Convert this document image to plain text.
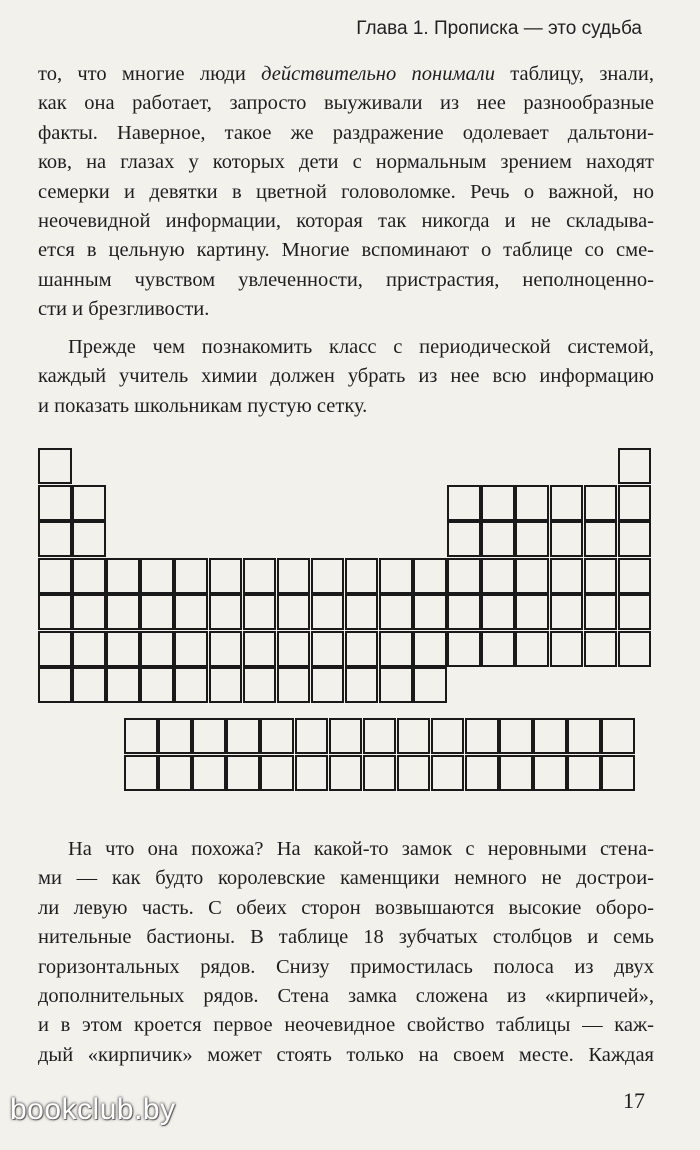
Глава 1. Прописка — это судьба
то, что многие люди действительно понимали таблицу, знали,
как она работает, запросто выуживали из нее разнообразные
факты. Наверное, такое же раздражение одолевает дальтони-
ков, на глазах у которых дети с нормальным зрением находят
семерки и девятки в цветной головоломке. Речь о важной, но
неочевидной информации, которая так никогда и не складыва-
ется в цельную картину. Многие вспоминают о таблице со сме-
шанным чувством увлеченности, пристрастия, неполноценно-
сти и брезгливости.
Прежде чем познакомить класс с периодической системой,
каждый учитель химии должен убрать из нее всю информацию
и показать школьникам пустую сетку.
На что она похожа? На какой-то замок с неровными стена-
ми — как будто королевские каменщики немного не дострои-
ли левую часть. С обеих сторон возвышаются высокие оборо-
нительные бастионы. В таблице 18 зубчатых столбцов и семь
горизонтальных рядов. Снизу примостилась полоса из двух
дополнительных рядов. Стена замка сложена из «кирпичей»,
и в этом кроется первое неочевидное свойство таблицы — каж-
дый «кирпичик» может стоять только на своем месте. Каждая
17
bookclub.by
